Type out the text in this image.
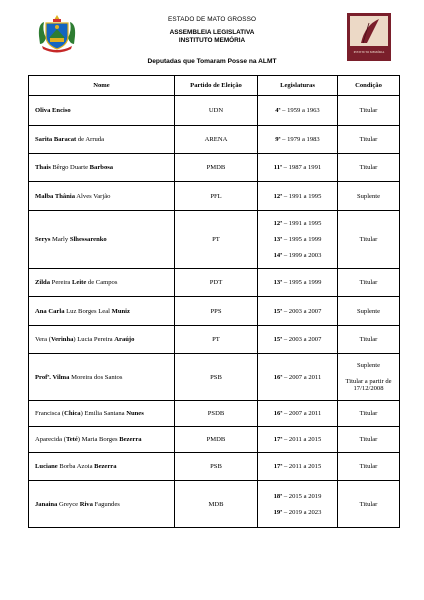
ESTADO DE MATO GROSSO
ASSEMBLEIA LEGISLATIVA
INSTITUTO MEMÓRIA
Deputadas que Tomaram Posse na ALMT
INSTITUTO MEMÓRIA
Nome	Partido de Eleição	Legislaturas	Condição
Oliva Enciso	UDN	4ª – 1959 a 1963	Titular

Sarita Baracat de Arruda	ARENA	9ª – 1979 a 1983	Titular

Thais Bêrgo Duarte Barbosa	PMDB	11ª – 1987 a 1991	Titular

Malba Thânia Alves Varjão	PFL	12ª – 1991 a 1995	Suplente

Serys Marly Slhessarenko	PT	12ª – 1991 a 1995
13ª – 1995 a 1999
14ª – 1999 a 2003	Titular

Zilda Pereira Leite de Campos	PDT	13ª – 1995 a 1999	Titular

Ana Carla Luz Borges Leal Muniz	PPS	15ª – 2003 a 2007	Suplente

Vera (Verinha) Lucia Pereira Araújo	PT	15ª – 2003 a 2007	Titular

Profª. Vilma Moreira dos Santos	PSB	16ª – 2007 a 2011	Suplente
Titular a partir de 17/12/2008

Francisca (Chica) Emilia Santana Nunes	PSDB	16ª – 2007 a 2011	Titular

Aparecida (Teté) Maria Borges Bezerra	PMDB	17ª – 2011 a 2015	Titular

Luciane Borba Azoia Bezerra	PSB	17ª – 2011 a 2015	Titular

Janaina Greyce Riva Fagundes	MDB	18ª – 2015 a 2019
19ª – 2019 a 2023	Titular
